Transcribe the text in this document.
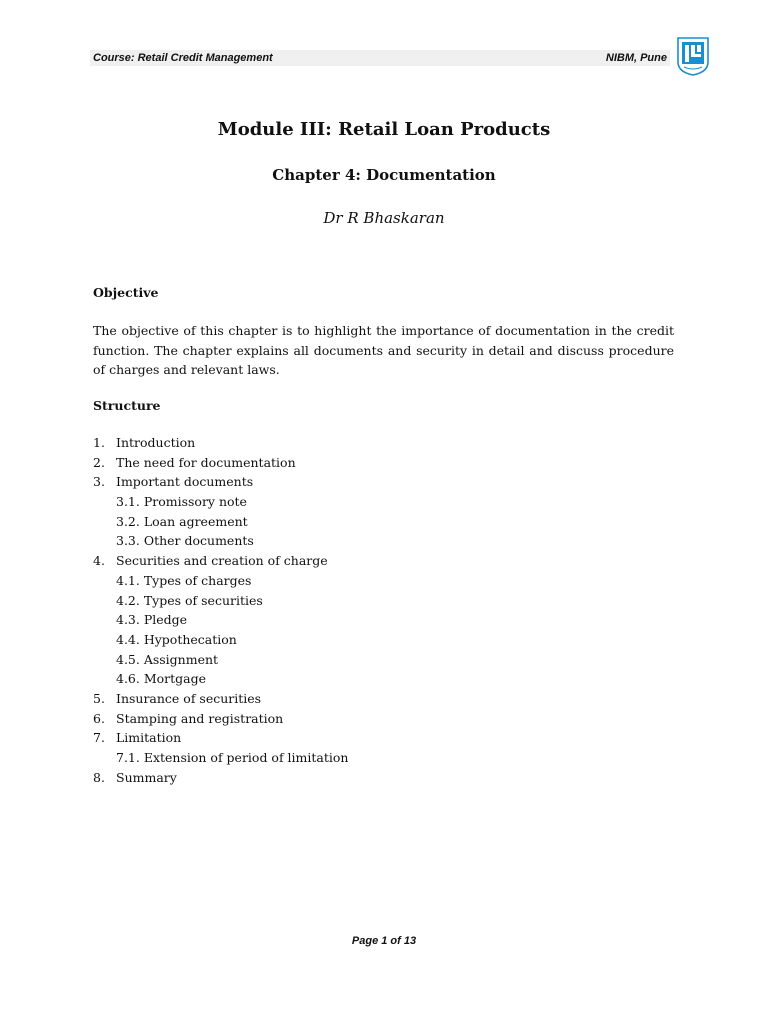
Course: Retail Credit Management	NIBM, Pune
Module III: Retail Loan Products
Chapter 4: Documentation
Dr R Bhaskaran
Objective
The objective of this chapter is to highlight the importance of documentation in the credit function. The chapter explains all documents and security in detail and discuss procedure of charges and relevant laws.
Structure
1. Introduction
2. The need for documentation
3. Important documents
3.1. Promissory note
3.2. Loan agreement
3.3. Other documents
4. Securities and creation of charge
4.1. Types of charges
4.2. Types of securities
4.3. Pledge
4.4. Hypothecation
4.5. Assignment
4.6. Mortgage
5. Insurance of securities
6. Stamping and registration
7. Limitation
7.1. Extension of period of limitation
8. Summary
Page 1 of 13
